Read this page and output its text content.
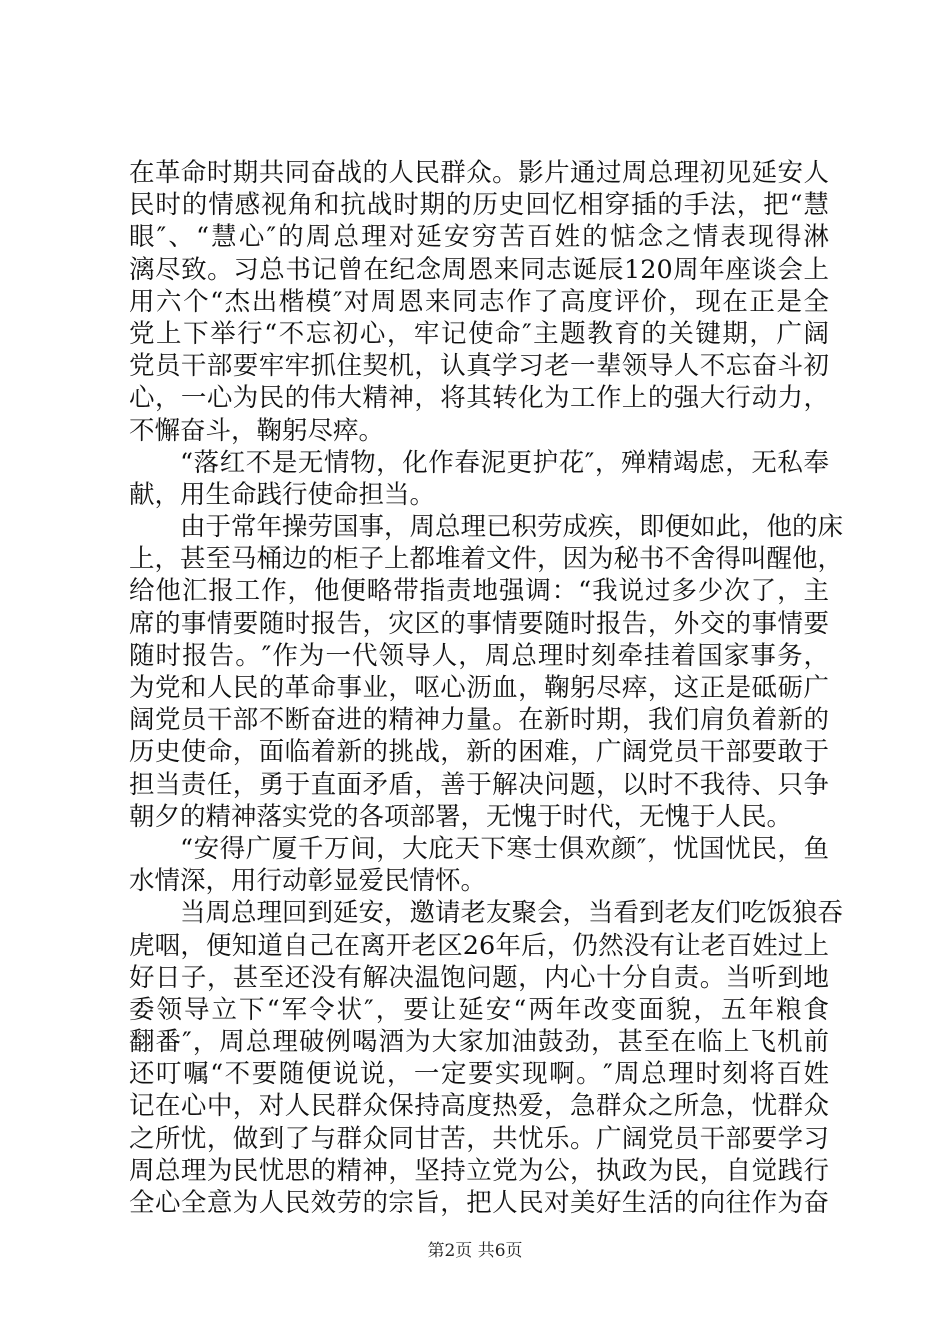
在革命时期共同奋战的人民群众。影片通过周总理初见延安人
民时的情感视角和抗战时期的历史回忆相穿插的手法，把“慧
眼″、“慧心″的周总理对延安穷苦百姓的惦念之情表现得淋
漓尽致。习总书记曾在纪念周恩来同志诞辰120周年座谈会上
用六个“杰出楷模″对周恩来同志作了高度评价，现在正是全
党上下举行“不忘初心，牢记使命″主题教育的关键期，广阔
党员干部要牢牢抓住契机，认真学习老一辈领导人不忘奋斗初
心，一心为民的伟大精神，将其转化为工作上的强大行动力，
不懈奋斗，鞠躬尽瘁。
“落红不是无情物，化作春泥更护花″，殚精竭虑，无私奉
献，用生命践行使命担当。
由于常年操劳国事，周总理已积劳成疾，即便如此，他的床
上，甚至马桶边的柜子上都堆着文件，因为秘书不舍得叫醒他，
给他汇报工作，他便略带指责地强调：“我说过多少次了，主
席的事情要随时报告，灾区的事情要随时报告，外交的事情要
随时报告。″作为一代领导人，周总理时刻牵挂着国家事务，
为党和人民的革命事业，呕心沥血，鞠躬尽瘁，这正是砥砺广
阔党员干部不断奋进的精神力量。在新时期，我们肩负着新的
历史使命，面临着新的挑战，新的困难，广阔党员干部要敢于
担当责任，勇于直面矛盾，善于解决问题，以时不我待、只争
朝夕的精神落实党的各项部署，无愧于时代，无愧于人民。
“安得广厦千万间，大庇天下寒士俱欢颜″，忧国忧民，鱼
水情深，用行动彰显爱民情怀。
当周总理回到延安，邀请老友聚会，当看到老友们吃饭狼吞
虎咽，便知道自己在离开老区26年后，仍然没有让老百姓过上
好日子，甚至还没有解决温饱问题，内心十分自责。当听到地
委领导立下“军令状″，要让延安“两年改变面貌，五年粮食
翻番″，周总理破例喝酒为大家加油鼓劲，甚至在临上飞机前
还叮嘱“不要随便说说，一定要实现啊。″周总理时刻将百姓
记在心中，对人民群众保持高度热爱，急群众之所急，忧群众
之所忧，做到了与群众同甘苦，共忧乐。广阔党员干部要学习
周总理为民忧思的精神，坚持立党为公，执政为民，自觉践行
全心全意为人民效劳的宗旨，把人民对美好生活的向往作为奋
第2页 共6页
